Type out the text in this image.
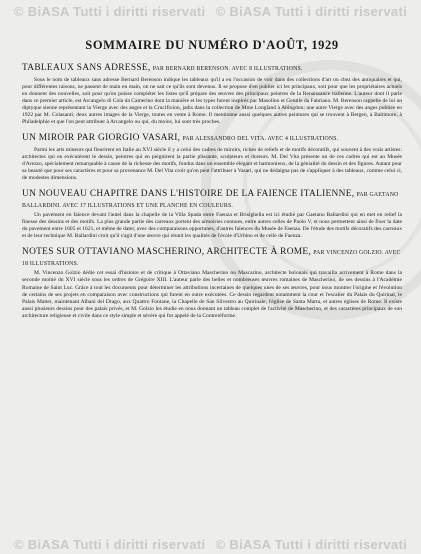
© BiASA Tutti i diritti riservati © BiASA Tutti i diritti riservati
SOMMAIRE DU NUMÉRO D'AOÛT, 1929

TABLEAUX SANS ADRESSE, PAR BERNARD BERENSON. AVEC 8 ILLUSTRATIONS.

Sous le nom de tableaux sans adresse Bernard Berenson indique les tableaux qu'il a eu l'occasion de voir dans des collections d'art ou chez des antiquaires et qui, pour différentes raisons, ne passent de main en main, on ne sait ce qu'ils sont devenus. Il se propose d'en publier ici les principaux, soit pour que les propriétaires actuels en donnent des nouvelles, soit pour qu'on puisse compléter les listes qu'il prépare des œuvres des principaux peintres de la Renaissance italienne. L'auteur dont il parle dans ce premier article, est Arcangelo di Cola da Camerino dont la manière et les types furent inspirés par Masolino et Gentile da Fabriano. M. Berenson rappelle de lui un diptyque sienne représentant la Vierge avec des anges et la Crucifixion, jadis dans la collection de Mme Longland à Abingdon; une autre Vierge avec des anges publiée en 1922 par M. Colasanti; deux autres images de la Vierge, toutes en vente à Rome. Il mentionne aussi quelques autres peintures qui se trouvent à Bergen, à Baltimore, à Philadelphie et que l'on peut attribuer à Arcangelo ou qui, du moins, lui sont très proches.

UN MIROIR PAR GIORGIO VASARI, PAR ALESSANDRO DEL VITA. AVEC 4 ILLUSTRATIONS.

Parmi les arts mineurs qui fleurirent en Italie au XVI siècle il y a celui des cadres de miroirs, riches de reliefs et de motifs décoratifs, qui souvent à des vrais artistes: architectes qui en exécutèrent le dessin, peintres qui en peignirent la partie plissante, sculpteurs et doreurs. M. Del Vita présente un de ces cadres qui est au Musée d'Arezzo, spécialement remarquable à cause de la richesse des motifs, fondus dans un ensemble élégant et harmonieux, de la génialité du dessin et des figures. Autant pour sa beauté que pour ses caractères et pour sa provenance M. Del Vita croit qu'on peut l'attribuer à Vasari, qui ne dédaigna pas de s'appliquer à des tableaux, comme celui ci, de modestes dimensions.

UN NOUVEAU CHAPITRE DANS L'HISTOIRE DE LA FAIENCE ITALIENNE, PAR GAETANO BALLARDINI. AVEC 17 ILLUSTRATIONS ET UNE PLANCHE EN COULEURS.

Un pavement en faïence devant l'autel dans la chapelle de la Villa Spada entre Faenza et Brisighella est ici étudié par Gaetano Ballardini qui en met en relief la finesse des dessins et des motifs. La plus grande partie des carreaux portent des armoiries connues, entre autres celles de Paolo V, et nous permettent ainsi de fixer la date du pavement entre 1605 et 1621, et même de dater, avec des comparaisons opportunes, d'autres faïences du Musée de Faenza. De l'étude des motifs décoratifs des carreaux et de leur technique M. Ballardini croit qu'il s'agit d'une œuvre qui réunit les qualités de l'école d'Urbino et de celle de Faenza.

NOTES SUR OTTAVIANO MASCHERINO, ARCHITECTE À ROME, PAR VINCENZO GOLZIO. AVEC 18 ILLUSTRATIONS.

M. Vincenzo Golzio dédie cet essai d'histoire et de critique à Ottaviano Mascherino ou Mascarino, architecte bolonais qui travailla activement à Rome dans la seconde moitié du XVI siècle sous les ordres de Grégoire XIII. L'auteur parle des belles et nombreuses œuvres romaines de Mascherino, de ses dessins à l'Académie Romaine de Saint Luc. Grâce à tout les documents pour déterminer les attributions incertaines de quelques unes de ses œuvres, pour nous montrer l'origine et l'évolution de certains de ses projets en comparaison avec constructions qui furent en outre exécutées. Ce dessin regardent notamment la cour et l'escalier du Palais du Quirinal, le Palais Mattei, maintenant Albani del Drago, aux Quattro Fontane, la Chapelle de San Silvestro au Quirinale, l'église de Santa Marta, et autres églises de Rome. Il existe aussi plusieurs dessins pour des palais privés, et M. Golzio les étudie en nous donnant un tableau complet de l'activité de Mascherino, et des caractères principaux de son architecture religieuse et civile dans ce style simple et sévère qui fut appelé de la Contreréforme.

© BiASA Tutti i diritti riservati © BiASA Tutti i diritti riservati
